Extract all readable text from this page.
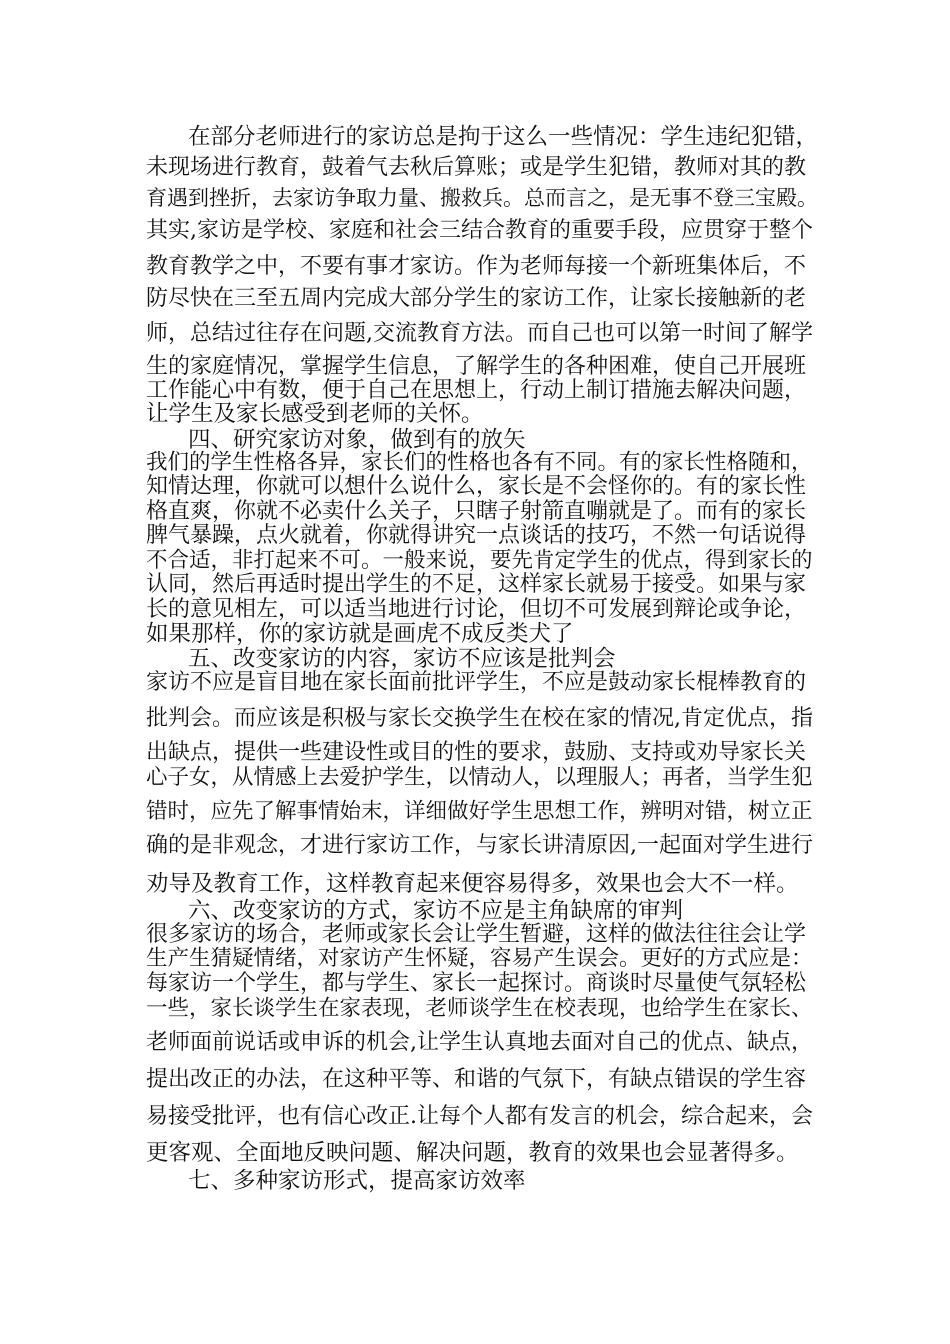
在部分老师进行的家访总是拘于这么一些情况：学生违纪犯错，

未现场进行教育，鼓着气去秋后算账；或是学生犯错，教师对其的教

育遇到挫折，去家访争取力量、搬救兵。总而言之，是无事不登三宝殿。

其实,家访是学校、家庭和社会三结合教育的重要手段，应贯穿于整个

教育教学之中，不要有事才家访。作为老师每接一个新班集体后，不

防尽快在三至五周内完成大部分学生的家访工作，让家长接触新的老

师，总结过往存在问题,交流教育方法。而自己也可以第一时间了解学

生的家庭情况，掌握学生信息，了解学生的各种困难，使自己开展班

工作能心中有数，便于自己在思想上，行动上制订措施去解决问题，

让学生及家长感受到老师的关怀。

四、研究家访对象，做到有的放矢

我们的学生性格各异，家长们的性格也各有不同。有的家长性格随和，

知情达理，你就可以想什么说什么，家长是不会怪你的。有的家长性

格直爽，你就不必卖什么关子，只瞎子射箭直嘣就是了。而有的家长

脾气暴躁，点火就着，你就得讲究一点谈话的技巧，不然一句话说得

不合适，非打起来不可。一般来说，要先肯定学生的优点，得到家长的

认同，然后再适时提出学生的不足，这样家长就易于接受。如果与家

长的意见相左，可以适当地进行讨论，但切不可发展到辩论或争论，

如果那样，你的家访就是画虎不成反类犬了

五、改变家访的内容，家访不应该是批判会

家访不应是盲目地在家长面前批评学生，不应是鼓动家长棍棒教育的

批判会。而应该是积极与家长交换学生在校在家的情况,肯定优点，指

出缺点，提供一些建设性或目的性的要求，鼓励、支持或劝导家长关

心子女，从情感上去爱护学生，以情动人，以理服人；再者，当学生犯

错时，应先了解事情始末，详细做好学生思想工作，辨明对错，树立正

确的是非观念，才进行家访工作，与家长讲清原因,一起面对学生进行

劝导及教育工作，这样教育起来便容易得多，效果也会大不一样。

六、改变家访的方式，家访不应是主角缺席的审判

很多家访的场合，老师或家长会让学生暂避，这样的做法往往会让学

生产生猜疑情绪，对家访产生怀疑，容易产生误会。更好的方式应是：

每家访一个学生，都与学生、家长一起探讨。商谈时尽量使气氛轻松

一些，家长谈学生在家表现，老师谈学生在校表现，也给学生在家长、

老师面前说话或申诉的机会,让学生认真地去面对自己的优点、缺点，

提出改正的办法，在这种平等、和谐的气氛下，有缺点错误的学生容

易接受批评，也有信心改正.让每个人都有发言的机会，综合起来，会

更客观、全面地反映问题、解决问题，教育的效果也会显著得多。

七、多种家访形式，提高家访效率
